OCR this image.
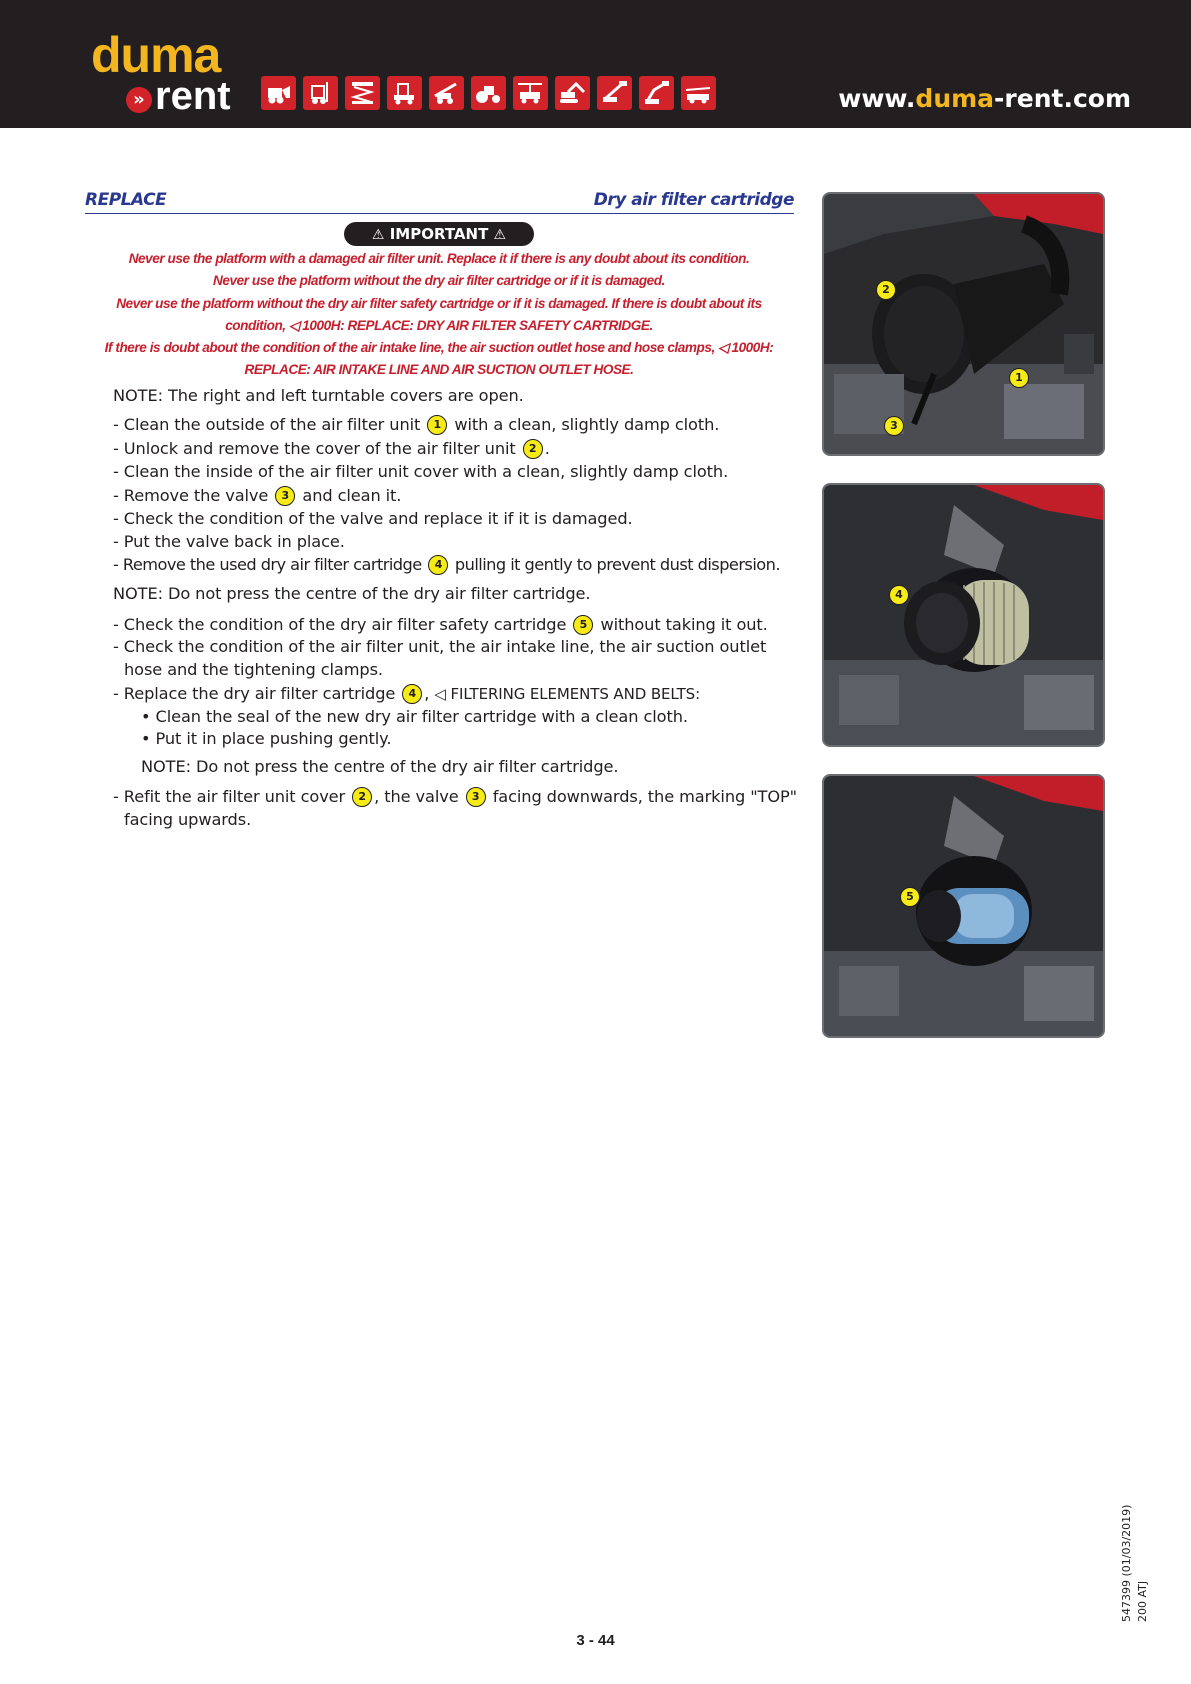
duma
» rent	www.duma-rent.com
REPLACE	Dry air filter cartridge
⚠ IMPORTANT ⚠
Never use the platform with a damaged air filter unit. Replace it if there is any doubt about its condition.
Never use the platform without the dry air filter cartridge or if it is damaged.
Never use the platform without the dry air filter safety cartridge or if it is damaged. If there is doubt about its
condition, ◁ 1000H: REPLACE: DRY AIR FILTER SAFETY CARTRIDGE.
If there is doubt about the condition of the air intake line, the air suction outlet hose and hose clamps, ◁ 1000H:
REPLACE: AIR INTAKE LINE AND AIR SUCTION OUTLET HOSE.
NOTE: The right and left turntable covers are open.
- Clean the outside of the air filter unit 1 with a clean, slightly damp cloth.
- Unlock and remove the cover of the air filter unit 2 .
- Clean the inside of the air filter unit cover with a clean, slightly damp cloth.
- Remove the valve 3 and clean it.
- Check the condition of the valve and replace it if it is damaged.
- Put the valve back in place.
- Remove the used dry air filter cartridge 4 pulling it gently to prevent dust dispersion.
NOTE: Do not press the centre of the dry air filter cartridge.
- Check the condition of the dry air filter safety cartridge 5 without taking it out.
- Check the condition of the air filter unit, the air intake line, the air suction outlet
hose and the tightening clamps.
- Replace the dry air filter cartridge 4 , ◁ FILTERING ELEMENTS AND BELTS:
• Clean the seal of the new dry air filter cartridge with a clean cloth.
• Put it in place pushing gently.
NOTE: Do not press the centre of the dry air filter cartridge.
- Refit the air filter unit cover 2 , the valve 3 facing downwards, the marking "TOP"
facing upwards.
2
1
3
4
5
547399 (01/03/2019) 200 ATJ
3 - 44
